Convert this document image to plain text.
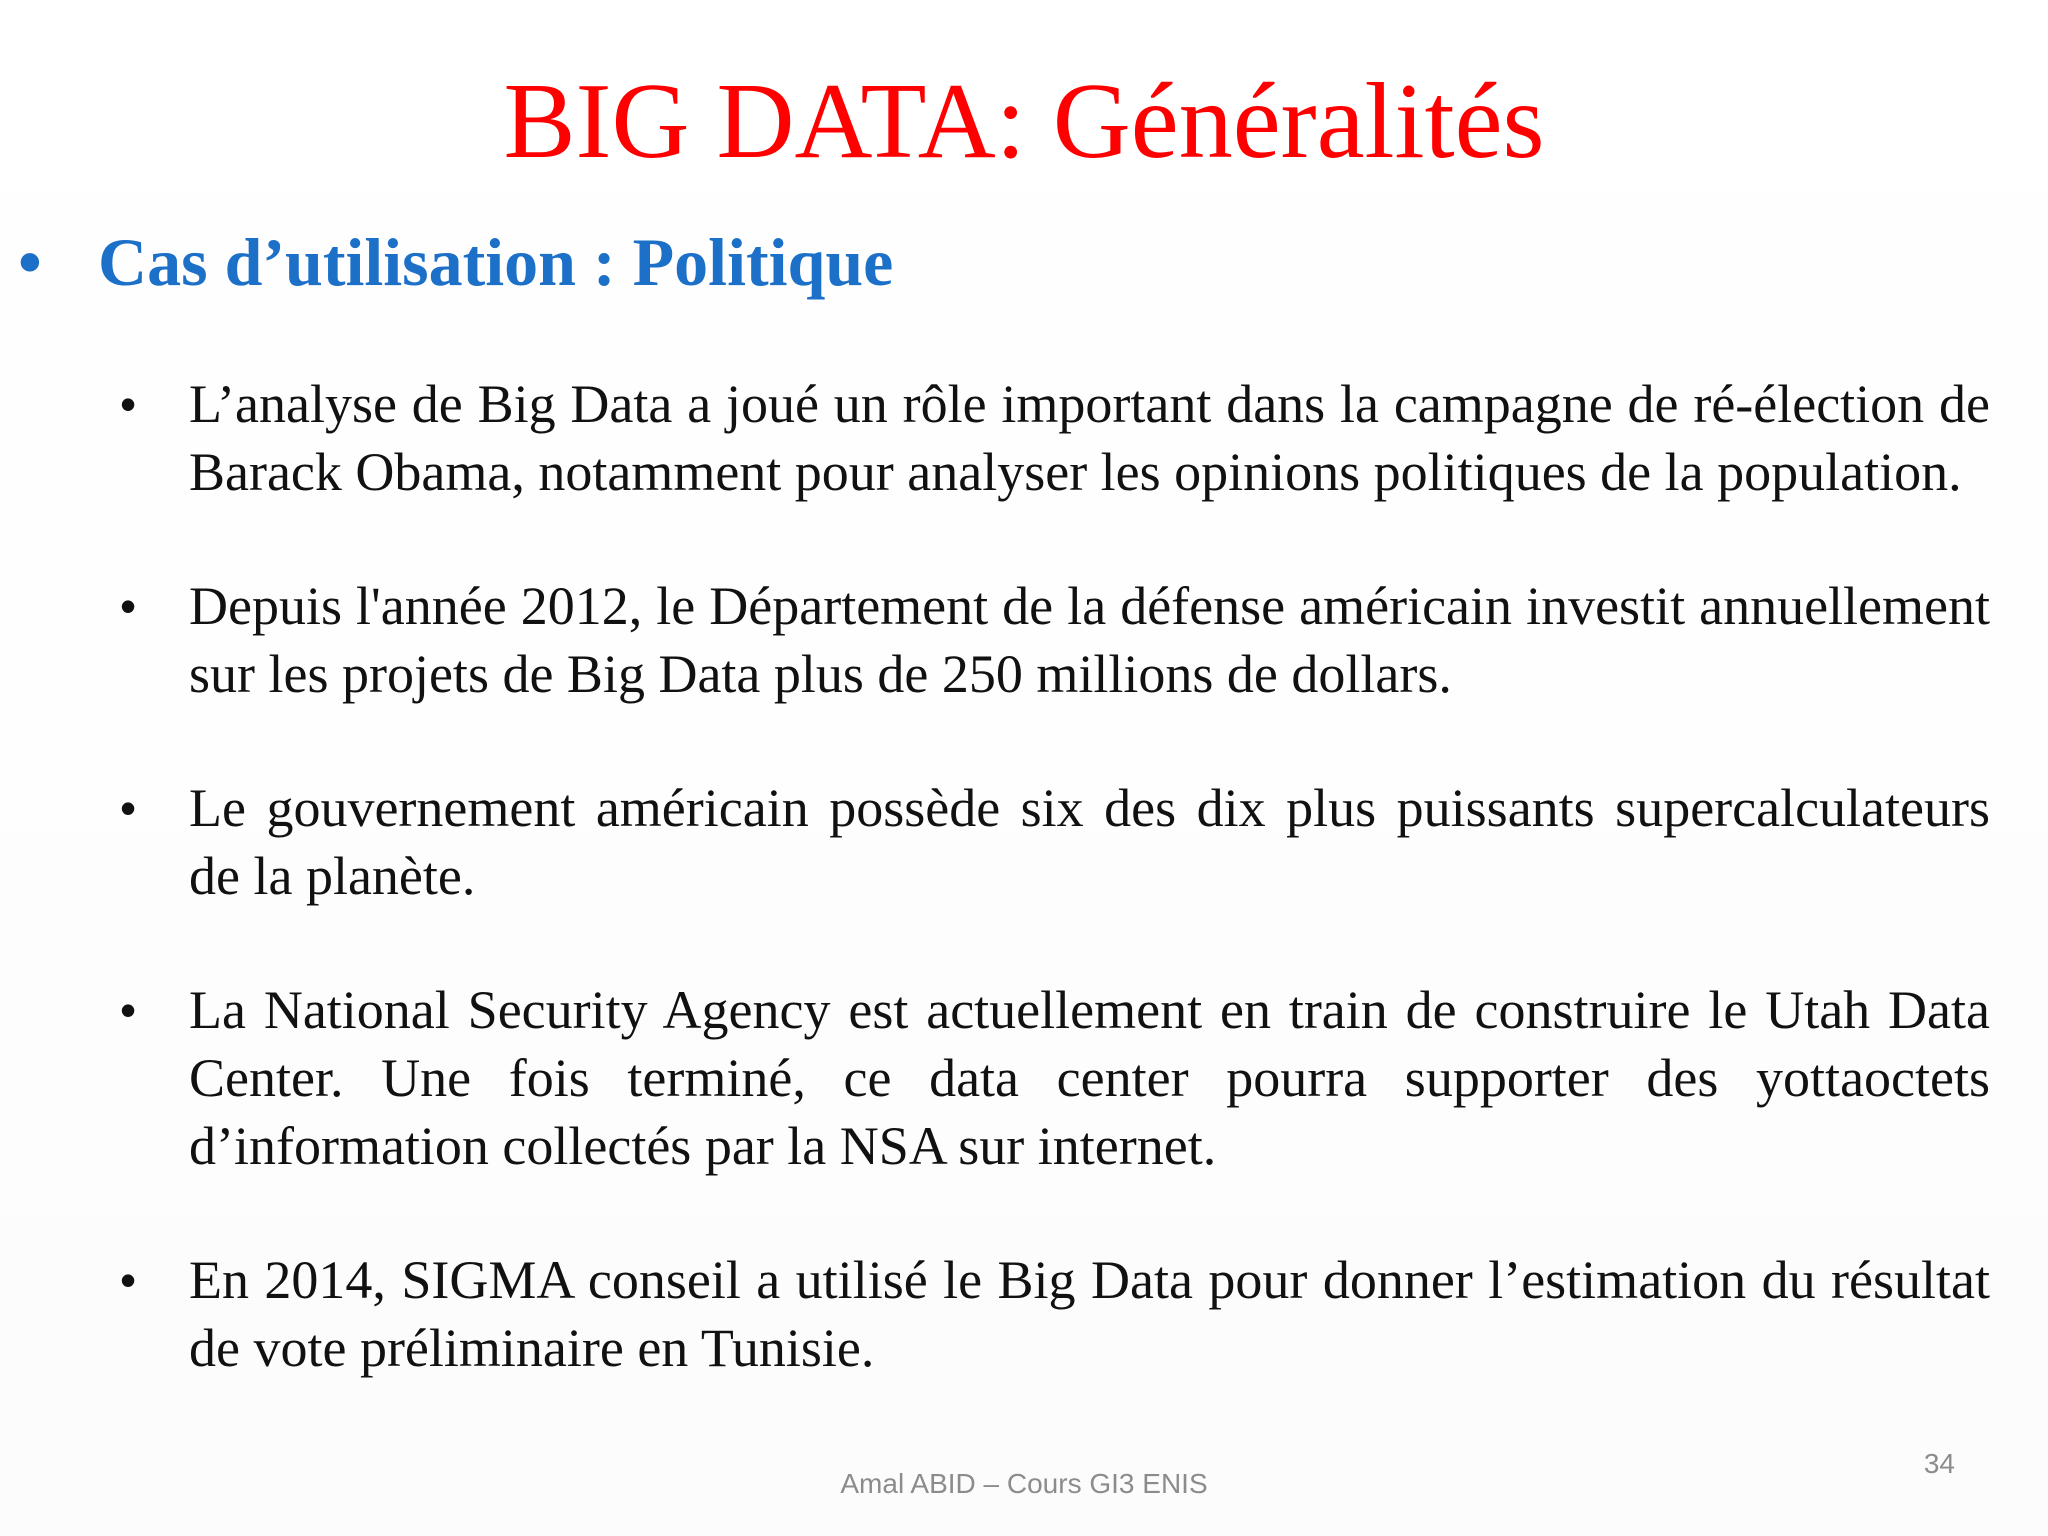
BIG DATA: Généralités
• Cas d’utilisation : Politique
• L’analyse de Big Data a joué un rôle important dans la campagne de ré-élection de Barack Obama, notamment pour analyser les opinions politiques de la population.
• Depuis l'année 2012, le Département de la défense américain investit annuellement sur les projets de Big Data plus de 250 millions de dollars.
• Le gouvernement américain possède six des dix plus puissants supercalculateurs de la planète.
• La National Security Agency est actuellement en train de construire le Utah Data Center. Une fois terminé, ce data center pourra supporter des yottaoctets d’information collectés par la NSA sur internet.
• En 2014, SIGMA conseil a utilisé le Big Data pour donner l’estimation du résultat de vote préliminaire en Tunisie.
34
Amal ABID – Cours GI3 ENIS
